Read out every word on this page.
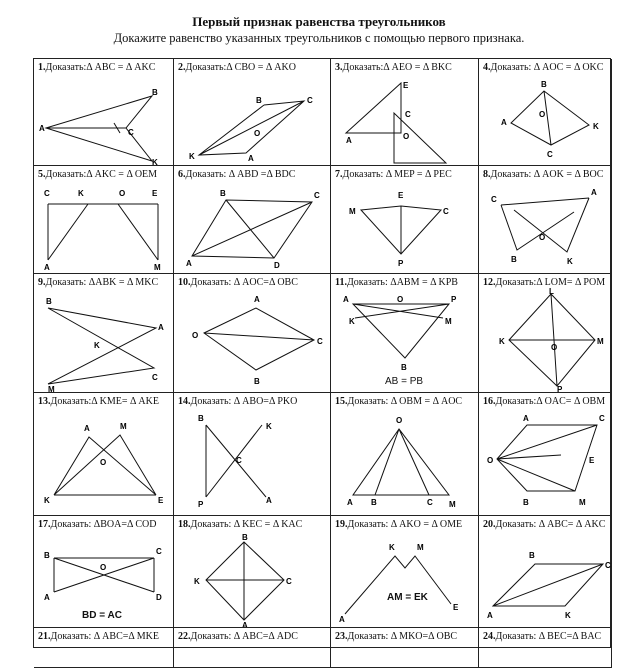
Первый признак равенства треугольников
Докажите равенство указанных треугольников с помощью первого признака.
1.Доказать:Δ ABC = Δ AKC
A
B
C
K
2.Доказать:Δ CBO = Δ AKO
B	C
O
K	A
3.Доказать:Δ AEO = Δ BKC
E
A	O
C
4.Доказать: Δ AOC = Δ OKC
B
O
A	K
C
5.Доказать:Δ AKC = Δ OEM
C	K	O	E
A	M
6.Доказать: Δ ABD =Δ BDC
B	C
A	D
7.Доказать: Δ MEP = Δ PEC
E
M	C
P
8.Доказать: Δ AOK = Δ BOC
C
A
B	K
O
9.Доказать: ΔABK = Δ MKC
B
A
K
M
C
10.Доказать: Δ AOC=Δ OBC
A
O
C
B
11.Доказать: ΔABM = Δ KPB
A	P
O
K	M
B
AB = PB
12.Доказать:Δ LOM= Δ POM
L
K
O
M
P
13.Доказать:Δ KME= Δ AKE
A	M
O
K	E
14.Доказать: Δ ABO=Δ PKO
B
K
C
P	A
15.Доказать: Δ OBM = Δ AOC
O
A B	C M
16.Доказать:Δ OAC= Δ OBM
A	C
O	E
B	M
17.Доказать: ΔBOA=Δ COD
B	C
O
A	D
BD = AC
18.Доказать: Δ KEC = Δ KAC
B
K	C
A
19.Доказать: Δ AKO = Δ OME
K	M
A
E
AM = EK
20.Доказать: Δ ABC= Δ AKC
B
C
A	K
21.Доказать: Δ ABC=Δ MKE 22.Доказать: Δ ABC=Δ ADC	23.Доказать: Δ MKO=Δ OBC	24.Доказать: Δ BEC=Δ BAC
